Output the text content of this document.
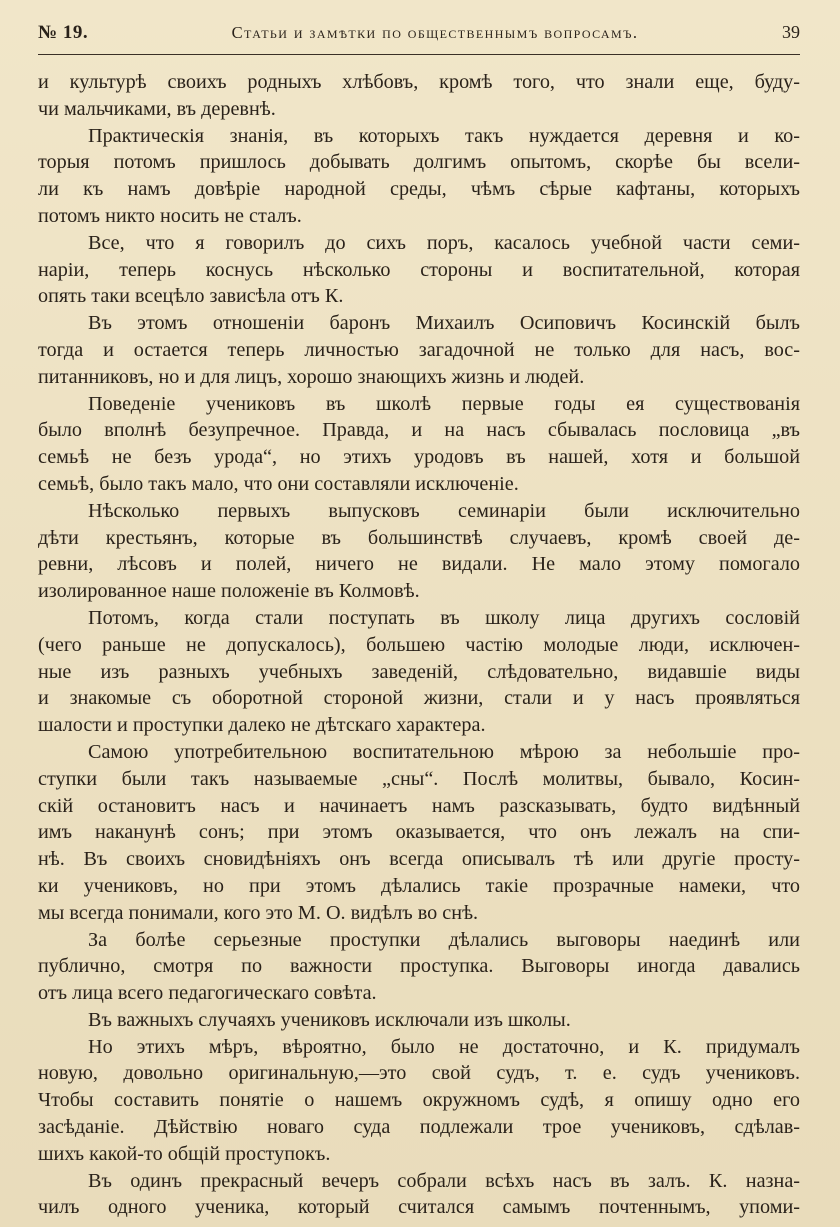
№ 19.	Статьи и замѣтки по общественнымъ вопросамъ.	39
и культурѣ своихъ родныхъ хлѣбовъ, кромѣ того, что знали еще, буду-
чи мальчиками, въ деревнѣ.
Практическія знанія, въ которыхъ такъ нуждается деревня и ко-
торыя потомъ пришлось добывать долгимъ опытомъ, скорѣе бы всели-
ли къ намъ довѣріе народной среды, чѣмъ сѣрые кафтаны, которыхъ
потомъ никто носить не сталъ.
Все, что я говорилъ до сихъ поръ, касалось учебной части семи-
наріи, теперь коснусь нѣсколько стороны и воспитательной, которая
опять таки всецѣло зависѣла отъ К.
Въ этомъ отношеніи баронъ Михаилъ Осиповичъ Косинскій былъ
тогда и остается теперь личностью загадочной не только для насъ, вос-
питанниковъ, но и для лицъ, хорошо знающихъ жизнь и людей.
Поведеніе учениковъ въ школѣ первые годы ея существованія
было вполнѣ безупречное. Правда, и на насъ сбывалась пословица „въ
семьѣ не безъ урода“, но этихъ уродовъ въ нашей, хотя и большой
семьѣ, было такъ мало, что они составляли исключеніе.
Нѣсколько первыхъ выпусковъ семинаріи были исключительно
дѣти крестьянъ, которые въ большинствѣ случаевъ, кромѣ своей де-
ревни, лѣсовъ и полей, ничего не видали. Не мало этому помогало
изолированное наше положеніе въ Колмовѣ.
Потомъ, когда стали поступать въ школу лица другихъ сословій
(чего раньше не допускалось), большею частію молодые люди, исключен-
ные изъ разныхъ учебныхъ заведеній, слѣдовательно, видавшіе виды
и знакомые съ оборотной стороной жизни, стали и у насъ проявляться
шалости и проступки далеко не дѣтскаго характера.
Самою употребительною воспитательною мѣрою за небольшіе про-
ступки были такъ называемые „сны“. Послѣ молитвы, бывало, Косин-
скій остановитъ насъ и начинаетъ намъ разсказывать, будто видѣнный
имъ наканунѣ сонъ; при этомъ оказывается, что онъ лежалъ на спи-
нѣ. Въ своихъ сновидѣніяхъ онъ всегда описывалъ тѣ или другіе просту-
ки учениковъ, но при этомъ дѣлались такіе прозрачные намеки, что
мы всегда понимали, кого это М. О. видѣлъ во снѣ.
За болѣе серьезные проступки дѣлались выговоры наединѣ или
публично, смотря по важности проступка. Выговоры иногда давались
отъ лица всего педагогическаго совѣта.
Въ важныхъ случаяхъ учениковъ исключали изъ школы.
Но этихъ мѣръ, вѣроятно, было не достаточно, и К. придумалъ
новую, довольно оригинальную,—это свой судъ, т. е. судъ учениковъ.
Чтобы составить понятіе о нашемъ окружномъ судѣ, я опишу одно его
засѣданіе. Дѣйствію новаго суда подлежали трое учениковъ, сдѣлав-
шихъ какой-то общій проступокъ.
Въ одинъ прекрасный вечеръ собрали всѣхъ насъ въ залъ. К. назна-
чилъ одного ученика, который считался самымъ почтеннымъ, упоми-
